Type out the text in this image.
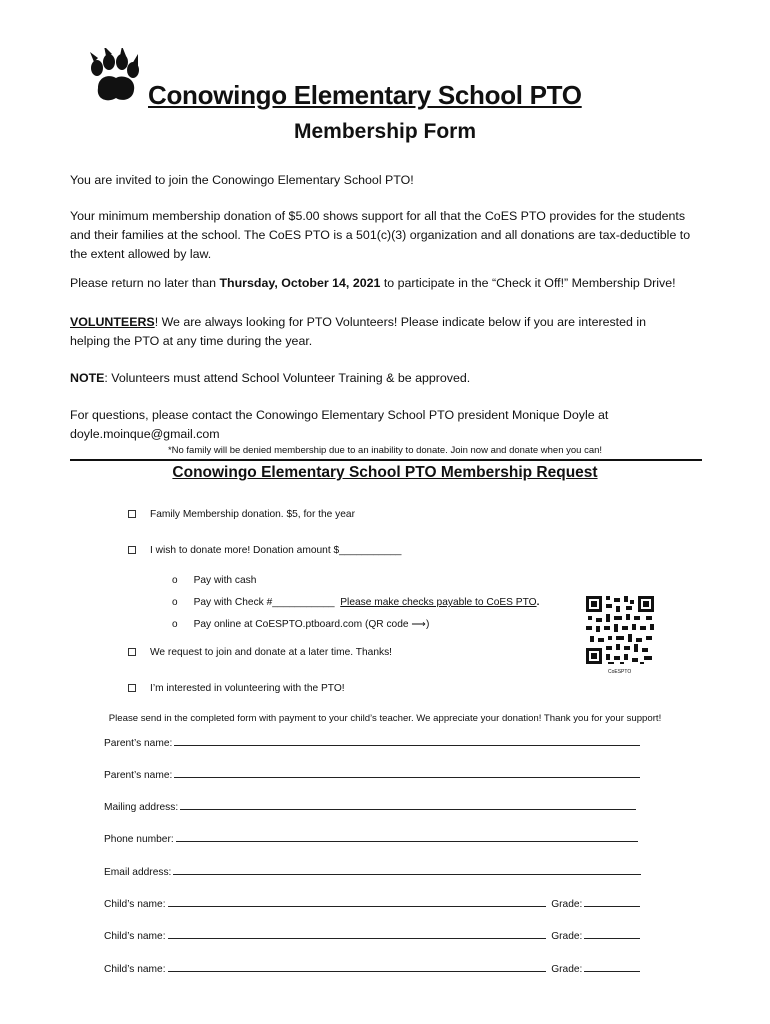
Conowingo Elementary School PTO
Membership Form
You are invited to join the Conowingo Elementary School PTO!
Your minimum membership donation of $5.00 shows support for all that the CoES PTO provides for the students
and their families at the school. The CoES PTO is a 501(c)(3) organization and all donations are tax-deductible to
the extent allowed by law.
Please return no later than Thursday, October 14, 2021 to participate in the “Check it Off!” Membership Drive!
VOLUNTEERS! We are always looking for PTO Volunteers! Please indicate below if you are interested in
helping the PTO at any time during the year.
NOTE: Volunteers must attend School Volunteer Training & be approved.
For questions, please contact the Conowingo Elementary School PTO president Monique Doyle at
doyle.moinque@gmail.com
*No family will be denied membership due to an inability to donate. Join now and donate when you can!
Conowingo Elementary School PTO Membership Request
Family Membership donation. $5, for the year
I wish to donate more! Donation amount $___________
o Pay with cash
o Pay with Check #___________ Please make checks payable to CoES PTO.
o Pay online at CoESPTO.ptboard.com (QR code ⟶)
We request to join and donate at a later time. Thanks!
I’m interested in volunteering with the PTO!
CoESPTO
Please send in the completed form with payment to your child’s teacher. We appreciate your donation! Thank you for your support!
Parent’s name:
Parent’s name:
Mailing address:
Phone number:
Email address:
Child’s name:	Grade:
Child’s name:	Grade:
Child’s name:	Grade:
